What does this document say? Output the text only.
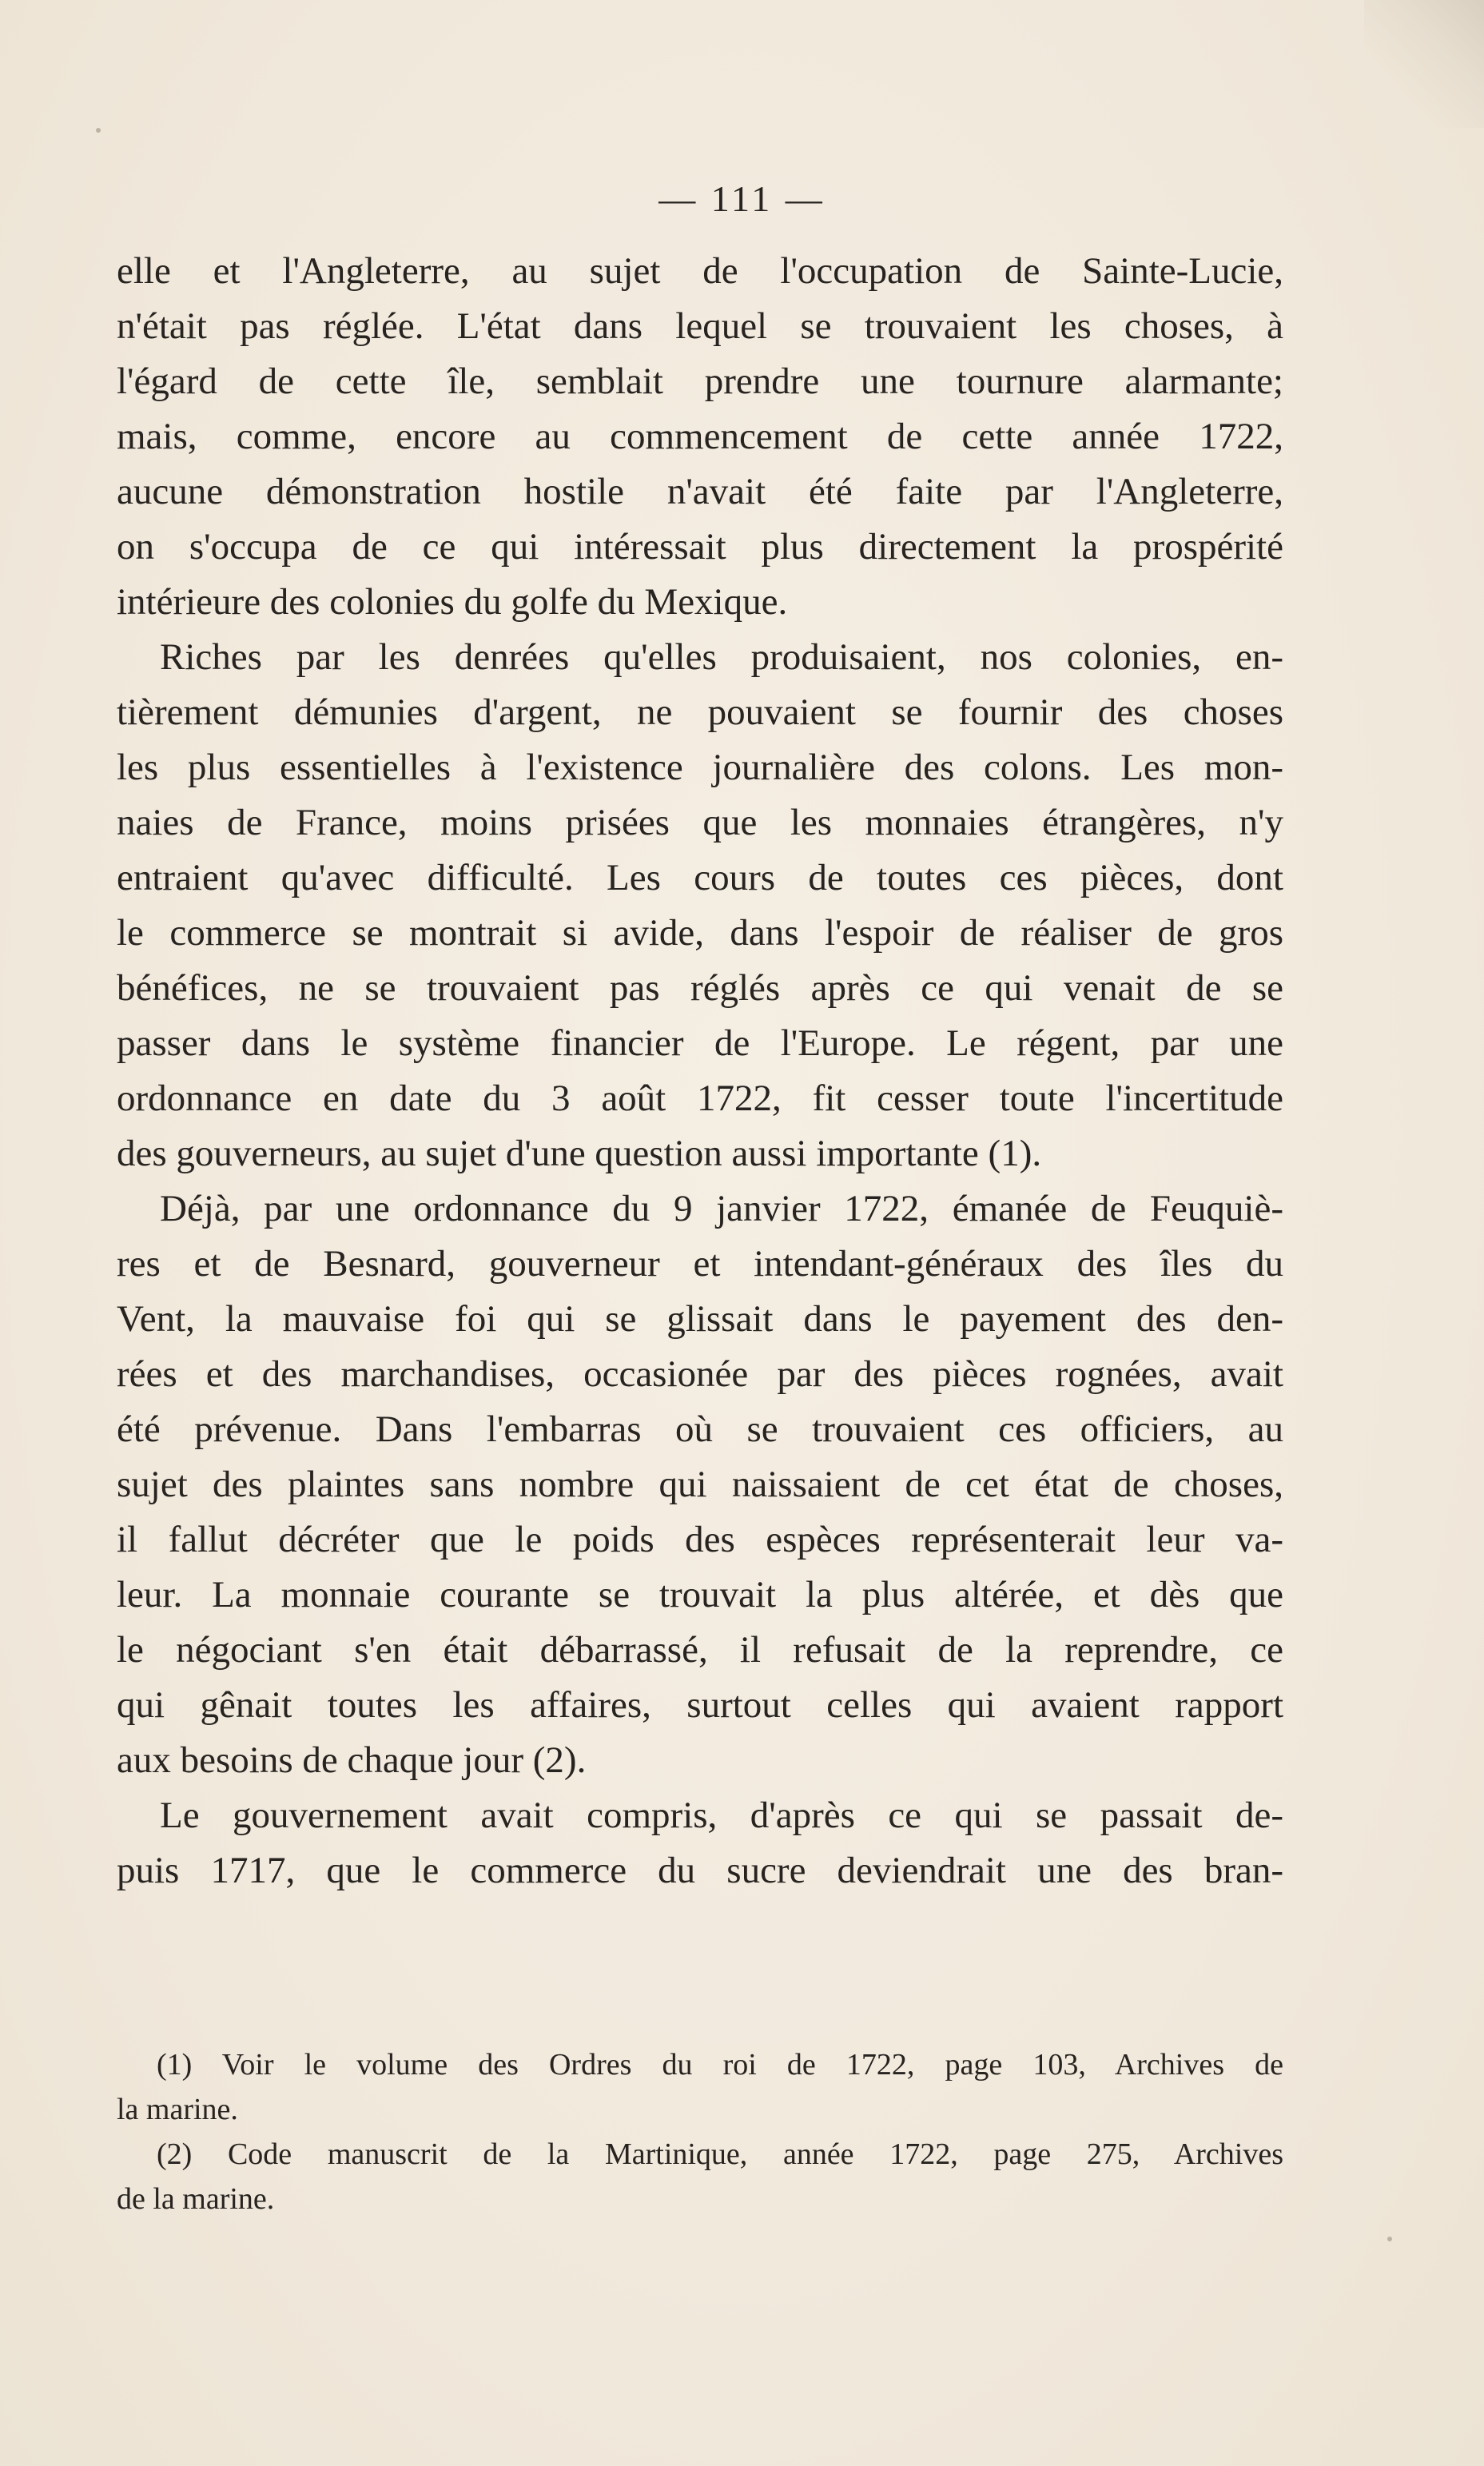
— 111 —
elle et l'Angleterre, au sujet de l'occupation de Sainte-Lucie,
n'était pas réglée. L'état dans lequel se trouvaient les choses, à
l'égard de cette île, semblait prendre une tournure alarmante;
mais, comme, encore au commencement de cette année 1722,
aucune démonstration hostile n'avait été faite par l'Angleterre,
on s'occupa de ce qui intéressait plus directement la prospérité
intérieure des colonies du golfe du Mexique.
Riches par les denrées qu'elles produisaient, nos colonies, en-
tièrement démunies d'argent, ne pouvaient se fournir des choses
les plus essentielles à l'existence journalière des colons. Les mon-
naies de France, moins prisées que les monnaies étrangères, n'y
entraient qu'avec difficulté. Les cours de toutes ces pièces, dont
le commerce se montrait si avide, dans l'espoir de réaliser de gros
bénéfices, ne se trouvaient pas réglés après ce qui venait de se
passer dans le système financier de l'Europe. Le régent, par une
ordonnance en date du 3 août 1722, fit cesser toute l'incertitude
des gouverneurs, au sujet d'une question aussi importante (1).
Déjà, par une ordonnance du 9 janvier 1722, émanée de Feuquiè-
res et de Besnard, gouverneur et intendant-généraux des îles du
Vent, la mauvaise foi qui se glissait dans le payement des den-
rées et des marchandises, occasionée par des pièces rognées, avait
été prévenue. Dans l'embarras où se trouvaient ces officiers, au
sujet des plaintes sans nombre qui naissaient de cet état de choses,
il fallut décréter que le poids des espèces représenterait leur va-
leur. La monnaie courante se trouvait la plus altérée, et dès que
le négociant s'en était débarrassé, il refusait de la reprendre, ce
qui gênait toutes les affaires, surtout celles qui avaient rapport
aux besoins de chaque jour (2).
Le gouvernement avait compris, d'après ce qui se passait de-
puis 1717, que le commerce du sucre deviendrait une des bran-
(1) Voir le volume des Ordres du roi de 1722, page 103, Archives de
la marine.
(2) Code manuscrit de la Martinique, année 1722, page 275, Archives
de la marine.
